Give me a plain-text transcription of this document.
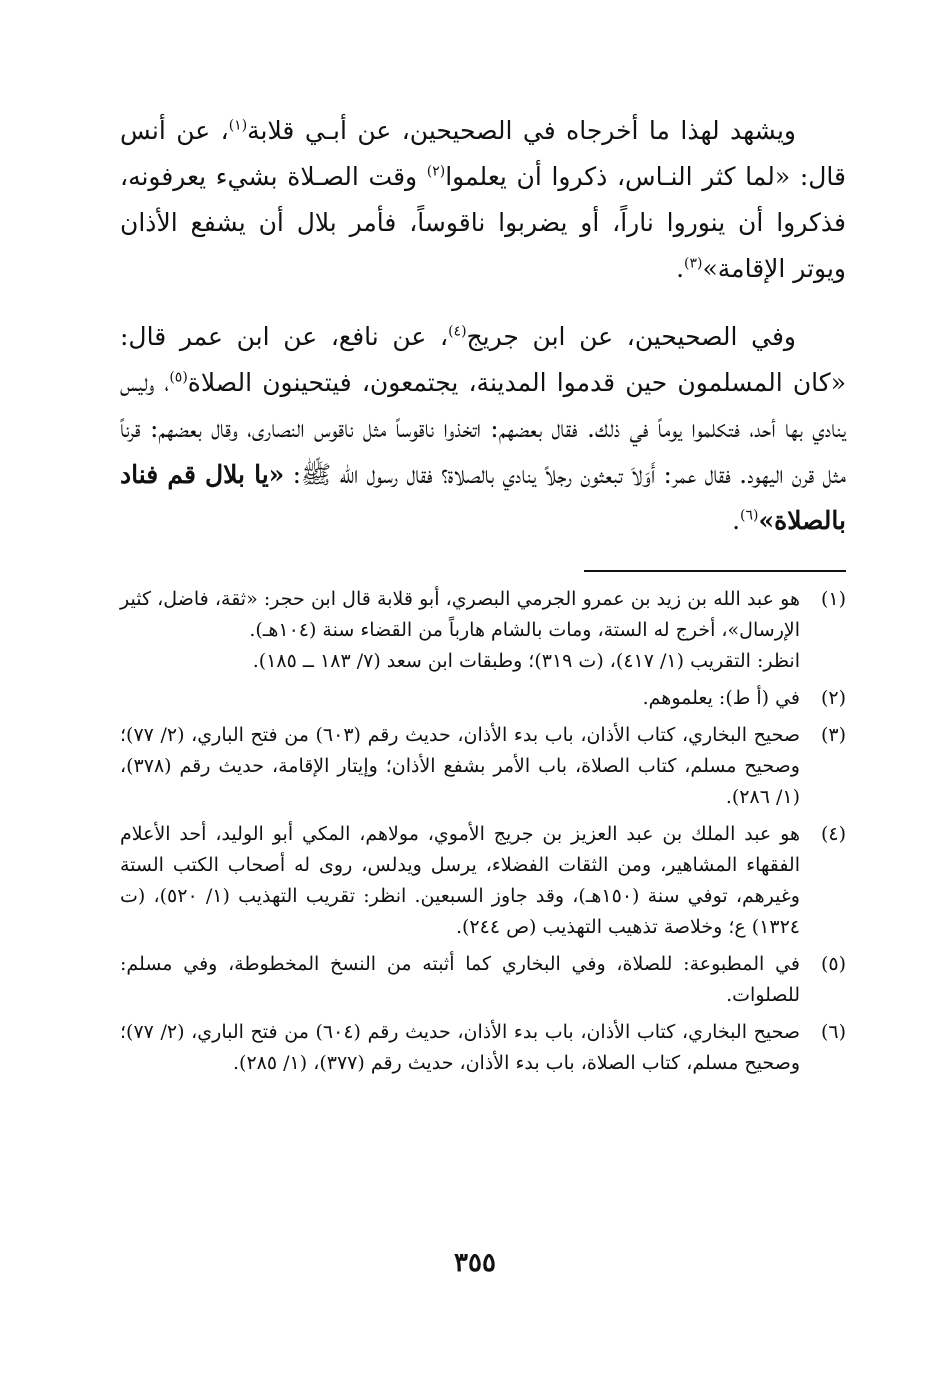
ويشهد لهذا ما أخرجاه في الصحيحين، عن أبـي قلابة$^{(١)}$، عن أنس قال: «لما كثر النـاس، ذكروا أن يعلموا$^{(٢)}$ وقت الصـلاة بشيء يعرفونه، فذكروا أن ينوروا ناراً، أو يضربوا ناقوساً، فأمر بلال أن يشفع الأذان ويوتر الإقامة»$^{(٣)}$.

وفي الصحيحين، عن ابن جريج$^{(٤)}$، عن نافع، عن ابن عمر قال: «كان المسلمون حين قدموا المدينة، يجتمعون، فيتحينون الصلاة$^{(٥)}$، وليس ينادي بها أحد، فتكلموا يوماً في ذلك. فقال بعضهم: اتخذوا ناقوساً مثل ناقوس النصارى، وقال بعضهم: قرناً مثل قرن اليهود. فقال عمر: أَوَلاَ تبعثون رجلاً ينادي بالصلاة؟ فقال رسول الله ﷺ: «يا بلال قم فناد بالصلاة»$^{(٦)}$.

(١)
هو عبد الله بن زيد بن عمرو الجرمي البصري، أبو قلابة قال ابن حجر: «ثقة، فاضل، كثير الإرسال»، أخرج له الستة، ومات بالشام هارباً من القضاء سنة (١٠٤هـ).
انظر: التقريب (١/ ٤١٧)، (ت ٣١٩)؛ وطبقات ابن سعد (٧/ ١٨٣ ــ ١٨٥).
(٢)
في (أ ط): يعلموهم.
(٣)
صحيح البخاري، كتاب الأذان، باب بدء الأذان، حديث رقم (٦٠٣) من فتح الباري، (٢/ ٧٧)؛ وصحيح مسلم، كتاب الصلاة، باب الأمر بشفع الأذان؛ وإيتار الإقامة، حديث رقم (٣٧٨)، (١/ ٢٨٦).
(٤)
هو عبد الملك بن عبد العزيز بن جريج الأموي، مولاهم، المكي أبو الوليد، أحد الأعلام الفقهاء المشاهير، ومن الثقات الفضلاء، يرسل ويدلس، روى له أصحاب الكتب الستة وغيرهم، توفي سنة (١٥٠هـ)، وقد جاوز السبعين. انظر: تقريب التهذيب (١/ ٥٢٠)، (ت ١٣٢٤) ع؛ وخلاصة تذهيب التهذيب (ص ٢٤٤).
(٥)
في المطبوعة: للصلاة، وفي البخاري كما أثبته من النسخ المخطوطة، وفي مسلم: للصلوات.
(٦)
صحيح البخاري، كتاب الأذان، باب بدء الأذان، حديث رقم (٦٠٤) من فتح الباري، (٢/ ٧٧)؛ وصحيح مسلم، كتاب الصلاة، باب بدء الأذان، حديث رقم (٣٧٧)، (١/ ٢٨٥).
٣٥٥
